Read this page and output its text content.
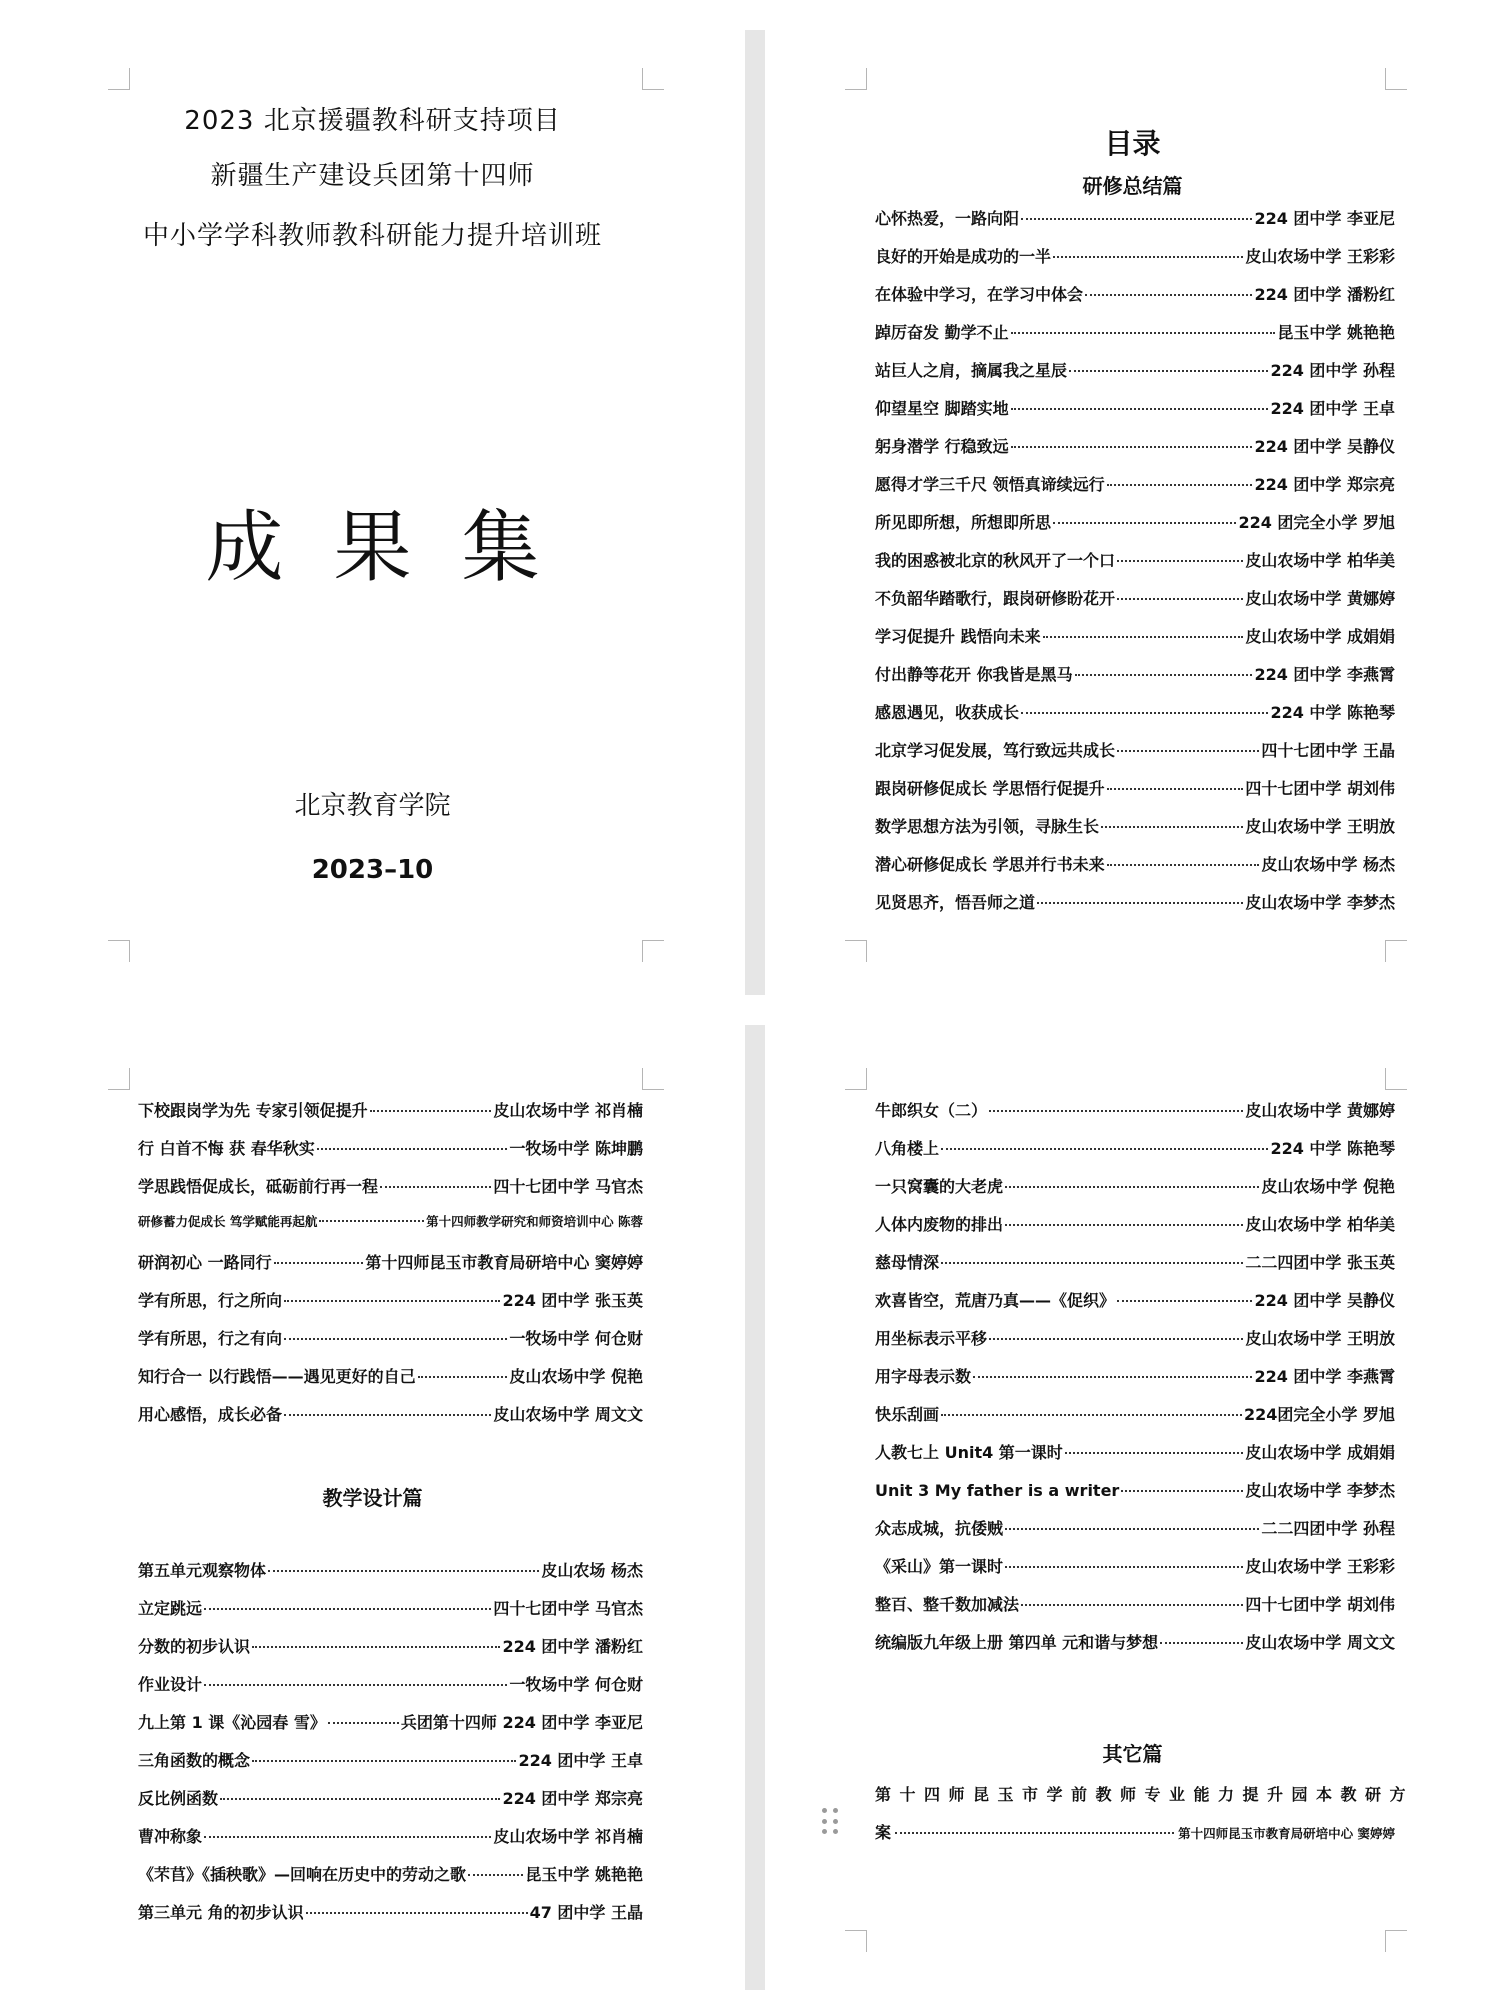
2023 北京援疆教科研支持项目
新疆生产建设兵团第十四师
中小学学科教师教科研能力提升培训班
成果集
北京教育学院
2023–10
目录
研修总结篇
心怀热爱，一路向阳	224 团中学 李亚尼
良好的开始是成功的一半	皮山农场中学 王彩彩
在体验中学习，在学习中体会	224 团中学 潘粉红
踔厉奋发 勤学不止	昆玉中学 姚艳艳
站巨人之肩，摘属我之星辰	224 团中学 孙程
仰望星空 脚踏实地	224 团中学 王卓
躬身潜学 行稳致远	224 团中学 吴静仪
愿得才学三千尺 领悟真谛续远行	224 团中学 郑宗亮
所见即所想，所想即所思	224 团完全小学 罗旭
我的困惑被北京的秋风开了一个口	皮山农场中学 柏华美
不负韶华踏歌行，跟岗研修盼花开	皮山农场中学 黄娜婷
学习促提升 践悟向未来	皮山农场中学 成娟娟
付出静等花开 你我皆是黑马	224 团中学 李燕霄
感恩遇见，收获成长	224 中学 陈艳琴
北京学习促发展，笃行致远共成长	四十七团中学 王晶
跟岗研修促成长 学思悟行促提升	四十七团中学 胡刘伟
数学思想方法为引领，寻脉生长	皮山农场中学 王明放
潜心研修促成长 学思并行书未来	皮山农场中学 杨杰
见贤思齐，悟吾师之道	皮山农场中学 李梦杰
下校跟岗学为先 专家引领促提升	皮山农场中学 祁肖楠
行 白首不悔 获 春华秋实	一牧场中学 陈坤鹏
学思践悟促成长，砥砺前行再一程	四十七团中学 马官杰
研修蓄力促成长 笃学赋能再起航	第十四师教学研究和师资培训中心 陈蓉
研润初心 一路同行	第十四师昆玉市教育局研培中心 窦婷婷
学有所思，行之所向	224 团中学 张玉英
学有所思，行之有向	一牧场中学 何仓财
知行合一 以行践悟——遇见更好的自己	皮山农场中学 倪艳
用心感悟，成长必备	皮山农场中学 周文文
教学设计篇
第五单元观察物体	皮山农场 杨杰
立定跳远	四十七团中学 马官杰
分数的初步认识	224 团中学 潘粉红
作业设计	一牧场中学 何仓财
九上第 1 课《沁园春 雪》	兵团第十四师 224 团中学 李亚尼
三角函数的概念	224 团中学 王卓
反比例函数	224 团中学 郑宗亮
曹冲称象	皮山农场中学 祁肖楠
《芣苢》《插秧歌》—回响在历史中的劳动之歌	昆玉中学 姚艳艳
第三单元 角的初步认识	47 团中学 王晶
牛郎织女（二）	皮山农场中学 黄娜婷
八角楼上	224 中学 陈艳琴
一只窝囊的大老虎	皮山农场中学 倪艳
人体内废物的排出	皮山农场中学 柏华美
慈母情深	二二四团中学 张玉英
欢喜皆空，荒唐乃真——《促织》	224 团中学 吴静仪
用坐标表示平移	皮山农场中学 王明放
用字母表示数	224 团中学 李燕霄
快乐刮画	224团完全小学 罗旭
人教七上 Unit4 第一课时	皮山农场中学 成娟娟
Unit 3 My father is a writer	皮山农场中学 李梦杰
众志成城，抗倭贼	二二四团中学 孙程
《采山》第一课时	皮山农场中学 王彩彩
整百、整千数加减法	四十七团中学 胡刘伟
统编版九年级上册 第四单 元和谐与梦想	皮山农场中学 周文文
其它篇
第十四师昆玉市学前教师专业能力提升园本教研方
案	第十四师昆玉市教育局研培中心 窦婷婷
